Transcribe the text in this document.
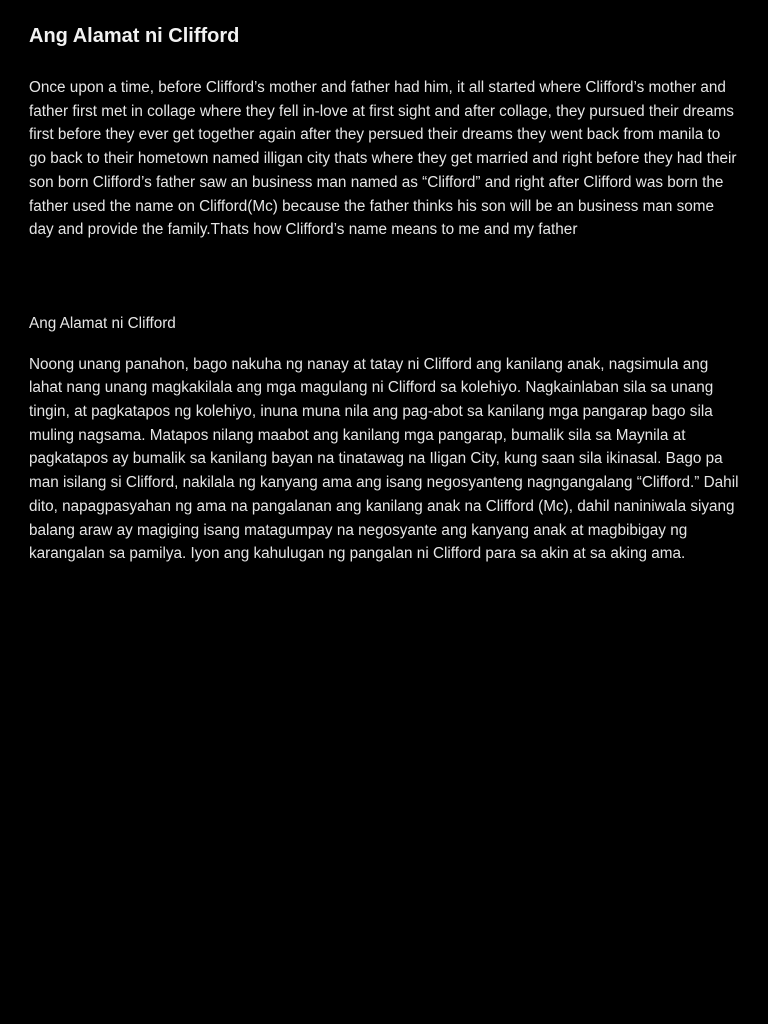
Ang Alamat ni Clifford

Once upon a time, before Clifford’s mother and father had him, it all started where Clifford’s mother and father first met in collage where they fell in-love at first sight and after collage, they pursued their dreams first before they ever get together again after they persued their dreams they went back from manila to go back to their hometown named illigan city thats where they get married and right before they had their son born Clifford’s father saw an business man named as “Clifford” and right after Clifford was born the father used the name on Clifford(Mc) because the father thinks his son will be an business man some day and provide the family.Thats how Clifford’s name means to me and my father

Ang Alamat ni Clifford

Noong unang panahon, bago nakuha ng nanay at tatay ni Clifford ang kanilang anak, nagsimula ang lahat nang unang magkakilala ang mga magulang ni Clifford sa kolehiyo. Nagkainlaban sila sa unang tingin, at pagkatapos ng kolehiyo, inuna muna nila ang pag-abot sa kanilang mga pangarap bago sila muling nagsama. Matapos nilang maabot ang kanilang mga pangarap, bumalik sila sa Maynila at pagkatapos ay bumalik sa kanilang bayan na tinatawag na Iligan City, kung saan sila ikinasal. Bago pa man isilang si Clifford, nakilala ng kanyang ama ang isang negosyanteng nagngangalang “Clifford.” Dahil dito, napagpasyahan ng ama na pangalanan ang kanilang anak na Clifford (Mc), dahil naniniwala siyang balang araw ay magiging isang matagumpay na negosyante ang kanyang anak at magbibigay ng karangalan sa pamilya. Iyon ang kahulugan ng pangalan ni Clifford para sa akin at sa aking ama.
